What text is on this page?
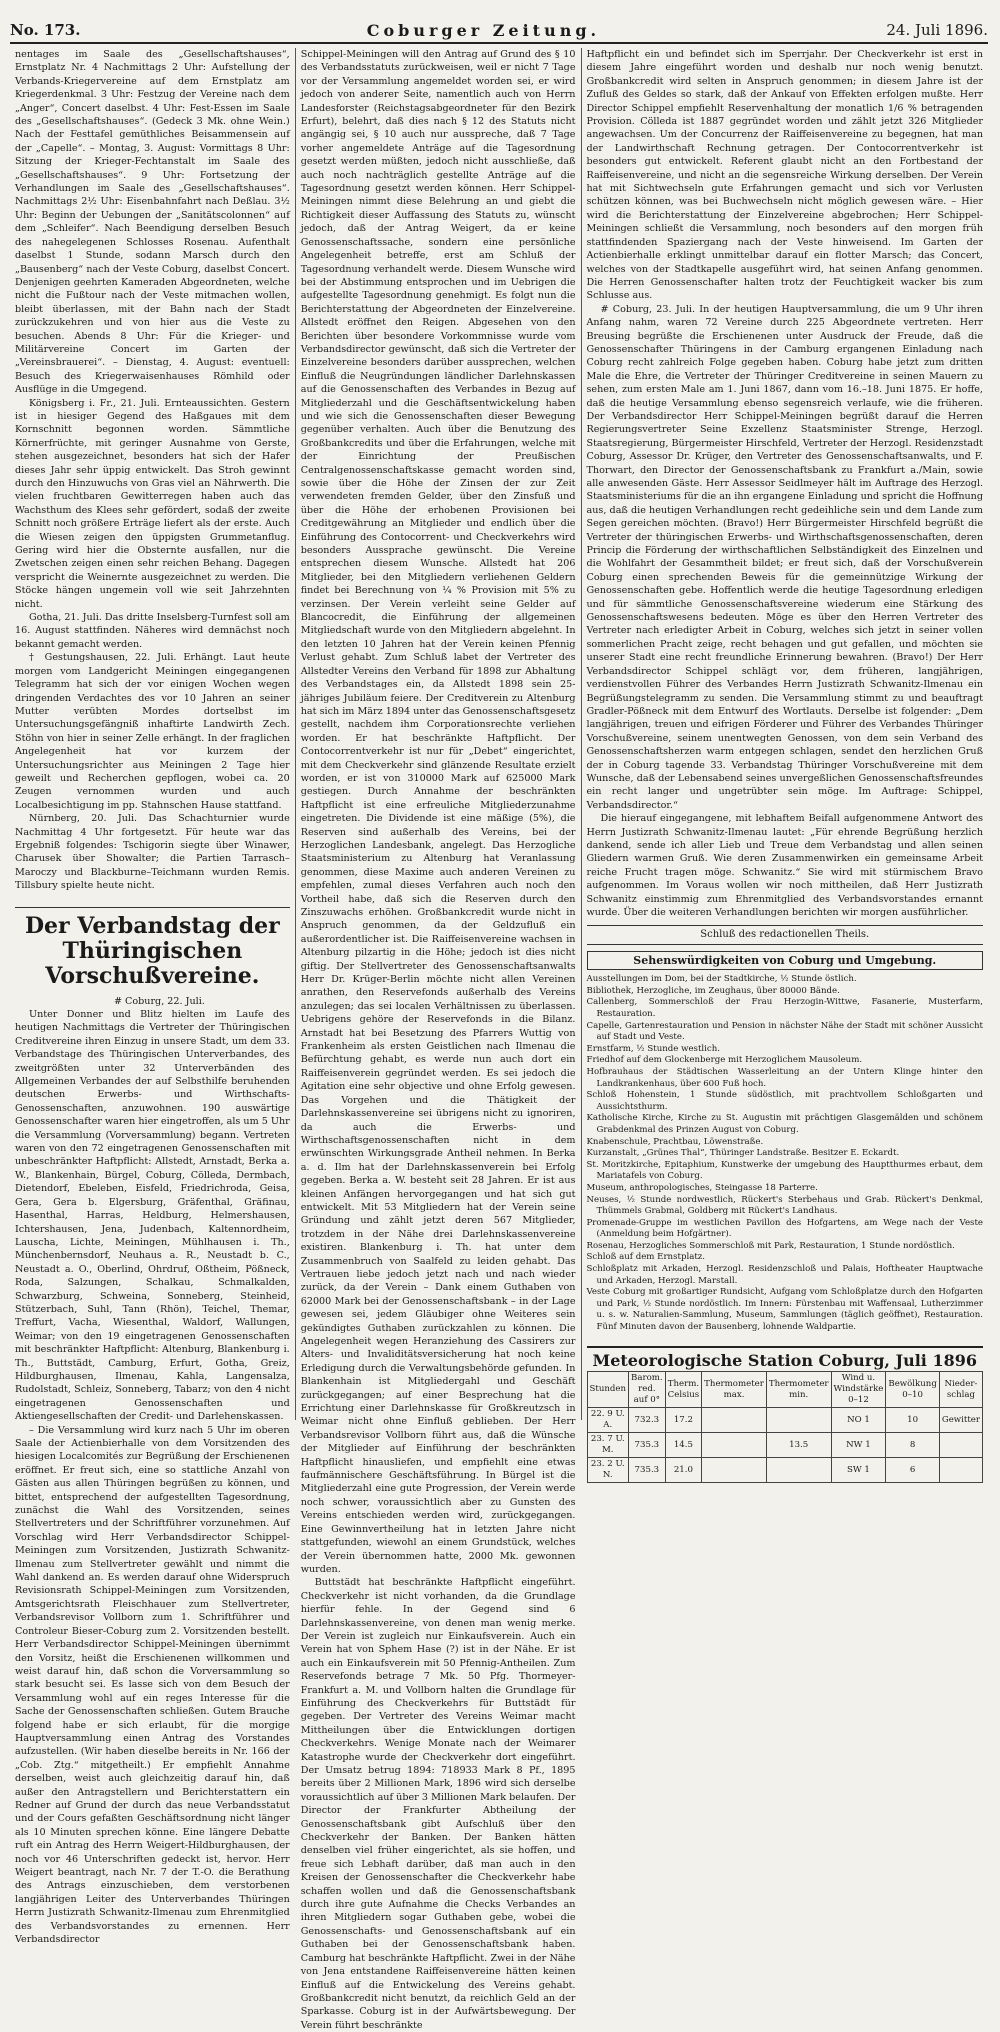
No. 173.	Coburger Zeitung.	24. Juli 1896.

nentages im Saale des „Gesellschaftshauses“, Ernstplatz Nr. 4 Nachmittags 2 Uhr: Aufstellung der Verbands-Kriegervereine auf dem Ernstplatz am Kriegerdenkmal. 3 Uhr: Festzug der Vereine nach dem „Anger“, Concert daselbst. 4 Uhr: Fest-Essen im Saale des „Gesellschaftshauses“. (Gedeck 3 Mk. ohne Wein.) Nach der Festtafel gemüthliches Beisammensein auf der „Capelle“. – Montag, 3. August: Vormittags 8 Uhr: Sitzung der Krieger-Fechtanstalt im Saale des „Gesellschaftshauses“. 9 Uhr: Fortsetzung der Verhandlungen im Saale des „Gesellschaftshauses“. Nachmittags 2½ Uhr: Eisenbahnfahrt nach Deßlau. 3½ Uhr: Beginn der Uebungen der „Sanitätscolonnen“ auf dem „Schleifer“. Nach Beendigung derselben Besuch des nahegelegenen Schlosses Rosenau. Aufenthalt daselbst 1 Stunde, sodann Marsch durch den „Bausenberg“ nach der Veste Coburg, daselbst Concert. Denjenigen geehrten Kameraden Abgeordneten, welche nicht die Fußtour nach der Veste mitmachen wollen, bleibt überlassen, mit der Bahn nach der Stadt zurückzukehren und von hier aus die Veste zu besuchen. Abends 8 Uhr: Für die Krieger- und Militärvereine Concert im Garten der „Vereinsbrauerei“. – Dienstag, 4. August: eventuell: Besuch des Kriegerwaisenhauses Römhild oder Ausflüge in die Umgegend.

Königsberg i. Fr., 21. Juli. Ernteaussichten. Gestern ist in hiesiger Gegend des Haßgaues mit dem Kornschnitt begonnen worden. Sämmtliche Körnerfrüchte, mit geringer Ausnahme von Gerste, stehen ausgezeichnet, besonders hat sich der Hafer dieses Jahr sehr üppig entwickelt. Das Stroh gewinnt durch den Hinzuwuchs von Gras viel an Nährwerth. Die vielen fruchtbaren Gewitterregen haben auch das Wachsthum des Klees sehr gefördert, sodaß der zweite Schnitt noch größere Erträge liefert als der erste. Auch die Wiesen zeigen den üppigsten Grummetanflug. Gering wird hier die Obsternte ausfallen, nur die Zwetschen zeigen einen sehr reichen Behang. Dagegen verspricht die Weinernte ausgezeichnet zu werden. Die Stöcke hängen ungemein voll wie seit Jahrzehnten nicht.

Gotha, 21. Juli. Das dritte Inselsberg-Turnfest soll am 16. August stattfinden. Näheres wird demnächst noch bekannt gemacht werden.

† Gestungshausen, 22. Juli. Erhängt. Laut heute morgen vom Landgericht Meiningen eingegangenen Telegramm hat sich der vor einigen Wochen wegen dringenden Verdachtes des vor 10 Jahren an seiner Mutter verübten Mordes dortselbst im Untersuchungsgefängniß inhaftirte Landwirth Zech. Stöhn von hier in seiner Zelle erhängt. In der fraglichen Angelegenheit hat vor kurzem der Untersuchungsrichter aus Meiningen 2 Tage hier geweilt und Recherchen gepflogen, wobei ca. 20 Zeugen vernommen wurden und auch Localbesichtigung im pp. Stahnschen Hause stattfand.

Nürnberg, 20. Juli. Das Schachturnier wurde Nachmittag 4 Uhr fortgesetzt. Für heute war das Ergebniß folgendes: Tschigorin siegte über Winawer, Charusek über Showalter; die Partien Tarrasch–Maroczy und Blackburne–Teichmann wurden Remis. Tillsbury spielte heute nicht.

Der Verbandstag der Thüringischen Vorschußvereine.

# Coburg, 22. Juli.

Unter Donner und Blitz hielten im Laufe des heutigen Nachmittags die Vertreter der Thüringischen Creditvereine ihren Einzug in unsere Stadt, um dem 33. Verbandstage des Thüringischen Unterverbandes, des zweitgrößten unter 32 Unterverbänden des Allgemeinen Verbandes der auf Selbsthilfe beruhenden deutschen Erwerbs- und Wirthschafts-Genossenschaften, anzuwohnen. 190 auswärtige Genossenschafter waren hier eingetroffen, als um 5 Uhr die Versammlung (Vorversammlung) begann. Vertreten waren von den 72 eingetragenen Genossenschaften mit unbeschränkter Haftpflicht: Allstedt, Arnstadt, Berka a. W., Blankenhain, Bürgel, Coburg, Cölleda, Dermbach, Dietendorf, Ebeleben, Eisfeld, Friedrichroda, Geisa, Gera, Gera b. Elgersburg, Gräfenthal, Gräfinau, Hasenthal, Harras, Heldburg, Helmershausen, Ichtershausen, Jena, Judenbach, Kaltennordheim, Lauscha, Lichte, Meiningen, Mühlhausen i. Th., Münchenbernsdorf, Neuhaus a. R., Neustadt b. C., Neustadt a. O., Oberlind, Ohrdruf, Oßtheim, Pößneck, Roda, Salzungen, Schalkau, Schmalkalden, Schwarzburg, Schweina, Sonneberg, Steinheid, Stützerbach, Suhl, Tann (Rhön), Teichel, Themar, Treffurt, Vacha, Wiesenthal, Waldorf, Wallungen, Weimar; von den 19 eingetragenen Genossenschaften mit beschränkter Haftpflicht: Altenburg, Blankenburg i. Th., Buttstädt, Camburg, Erfurt, Gotha, Greiz, Hildburghausen, Ilmenau, Kahla, Langensalza, Rudolstadt, Schleiz, Sonneberg, Tabarz; von den 4 nicht eingetragenen Genossenschaften und Aktiengesellschaften der Credit- und Darlehenskassen.

– Die Versammlung wird kurz nach 5 Uhr im oberen Saale der Actienbierhalle von dem Vorsitzenden des hiesigen Localcomités zur Begrüßung der Erschienenen eröffnet. Er freut sich, eine so stattliche Anzahl von Gästen aus allen Thüringen begrüßen zu können, und bittet, entsprechend der aufgestellten Tagesordnung, zunächst die Wahl des Vorsitzenden, seines Stellvertreters und der Schriftführer vorzunehmen. Auf Vorschlag wird Herr Verbandsdirector Schippel-Meiningen zum Vorsitzenden, Justizrath Schwanitz-Ilmenau zum Stellvertreter gewählt und nimmt die Wahl dankend an. Es werden darauf ohne Widerspruch Revisionsrath Schippel-Meiningen zum Vorsitzenden, Amtsgerichtsrath Fleischhauer zum Stellvertreter, Verbandsrevisor Vollborn zum 1. Schriftführer und Controleur Bieser-Coburg zum 2. Vorsitzenden bestellt. Herr Verbandsdirector Schippel-Meiningen übernimmt den Vorsitz, heißt die Erschienenen willkommen und weist darauf hin, daß schon die Vorversammlung so stark besucht sei. Es lasse sich von dem Besuch der Versammlung wohl auf ein reges Interesse für die Sache der Genossenschaften schließen. Gutem Brauche folgend habe er sich erlaubt, für die morgige Hauptversammlung einen Antrag des Vorstandes aufzustellen. (Wir haben dieselbe bereits in Nr. 166 der „Cob. Ztg.“ mitgetheilt.) Er empfiehlt Annahme derselben, weist auch gleichzeitig darauf hin, daß außer den Antragstellern und Berichterstattern ein Redner auf Grund der durch das neue Verbandsstatut und der Cours gefaßten Geschäftsordnung nicht länger als 10 Minuten sprechen könne. Eine längere Debatte ruft ein Antrag des Herrn Weigert-Hildburghausen, der noch vor 46 Unterschriften gedeckt ist, hervor. Herr Weigert beantragt, nach Nr. 7 der T.-O. die Berathung des Antrags einzuschieben, dem verstorbenen langjährigen Leiter des Unterverbandes Thüringen Herrn Justizrath Schwanitz-Ilmenau zum Ehrenmitglied des Verbandsvorstandes zu ernennen. Herr Verbandsdirector

Schippel-Meiningen will den Antrag auf Grund des § 10 des Verbandsstatuts zurückweisen, weil er nicht 7 Tage vor der Versammlung angemeldet worden sei, er wird jedoch von anderer Seite, namentlich auch von Herrn Landesforster (Reichstagsabgeordneter für den Bezirk Erfurt), belehrt, daß dies nach § 12 des Statuts nicht angängig sei, § 10 auch nur ausspreche, daß 7 Tage vorher angemeldete Anträge auf die Tagesordnung gesetzt werden müßten, jedoch nicht ausschließe, daß auch noch nachträglich gestellte Anträge auf die Tagesordnung gesetzt werden können. Herr Schippel-Meiningen nimmt diese Belehrung an und giebt die Richtigkeit dieser Auffassung des Statuts zu, wünscht jedoch, daß der Antrag Weigert, da er keine Genossenschaftssache, sondern eine persönliche Angelegenheit betreffe, erst am Schluß der Tagesordnung verhandelt werde. Diesem Wunsche wird bei der Abstimmung entsprochen und im Uebrigen die aufgestellte Tagesordnung genehmigt. Es folgt nun die Berichterstattung der Abgeordneten der Einzelvereine. Allstedt eröffnet den Reigen. Abgesehen von den Berichten über besondere Vorkommnisse wurde vom Verbandsdirector gewünscht, daß sich die Vertreter der Einzelvereine besonders darüber aussprechen, welchen Einfluß die Neugründungen ländlicher Darlehnskassen auf die Genossenschaften des Verbandes in Bezug auf Mitgliederzahl und die Geschäftsentwickelung haben und wie sich die Genossenschaften dieser Bewegung gegenüber verhalten. Auch über die Benutzung des Großbankcredits und über die Erfahrungen, welche mit der Einrichtung der Preußischen Centralgenossenschaftskasse gemacht worden sind, sowie über die Höhe der Zinsen der zur Zeit verwendeten fremden Gelder, über den Zinsfuß und über die Höhe der erhobenen Provisionen bei Creditgewährung an Mitglieder und endlich über die Einführung des Contocorrent- und Checkverkehrs wird besonders Aussprache gewünscht. Die Vereine entsprechen diesem Wunsche. Allstedt hat 206 Mitglieder, bei den Mitgliedern verliehenen Geldern findet bei Berechnung von ¼ % Provision mit 5% zu verzinsen. Der Verein verleiht seine Gelder auf Blancocredit, die Einführung der allgemeinen Mitgliedschaft wurde von den Mitgliedern abgelehnt. In den letzten 10 Jahren hat der Verein keinen Pfennig Verlust gehabt. Zum Schluß labet der Vertreter des Allstedter Vereins den Verband für 1898 zur Abhaltung des Verbandstages ein, da Allstedt 1898 sein 25-jähriges Jubiläum feiere. Der Creditverein zu Altenburg hat sich im März 1894 unter das Genossenschaftsgesetz gestellt, nachdem ihm Corporationsrechte verliehen worden. Er hat beschränkte Haftpflicht. Der Contocorrentverkehr ist nur für „Debet“ eingerichtet, mit dem Checkverkehr sind glänzende Resultate erzielt worden, er ist von 310000 Mark auf 625000 Mark gestiegen. Durch Annahme der beschränkten Haftpflicht ist eine erfreuliche Mitgliederzunahme eingetreten. Die Dividende ist eine mäßige (5%), die Reserven sind außerhalb des Vereins, bei der Herzoglichen Landesbank, angelegt. Das Herzogliche Staatsministerium zu Altenburg hat Veranlassung genommen, diese Maxime auch anderen Vereinen zu empfehlen, zumal dieses Verfahren auch noch den Vortheil habe, daß sich die Reserven durch den Zinszuwachs erhöhen. Großbankcredit wurde nicht in Anspruch genommen, da der Geldzufluß ein außerordentlicher ist. Die Raiffeisenvereine wachsen in Altenburg pilzartig in die Höhe; jedoch ist dies nicht giftig. Der Stellvertreter des Genossenschaftsanwalts Herr Dr. Krüger-Berlin möchte nicht allen Vereinen anrathen, den Reservefonds außerhalb des Vereins anzulegen; das sei localen Verhältnissen zu überlassen. Uebrigens gehöre der Reservefonds in die Bilanz. Arnstadt hat bei Besetzung des Pfarrers Wuttig von Frankenheim als ersten Geistlichen nach Ilmenau die Befürchtung gehabt, es werde nun auch dort ein Raiffeisenverein gegründet werden. Es sei jedoch die Agitation eine sehr objective und ohne Erfolg gewesen. Das Vorgehen und die Thätigkeit der Darlehnskassenvereine sei übrigens nicht zu ignoriren, da auch die Erwerbs- und Wirthschaftsgenossenschaften nicht in dem erwünschten Wirkungsgrade Antheil nehmen. In Berka a. d. Ilm hat der Darlehnskassenverein bei Erfolg gegeben. Berka a. W. besteht seit 28 Jahren. Er ist aus kleinen Anfängen hervorgegangen und hat sich gut entwickelt. Mit 53 Mitgliedern hat der Verein seine Gründung und zählt jetzt deren 567 Mitglieder, trotzdem in der Nähe drei Darlehnskassenvereine existiren. Blankenburg i. Th. hat unter dem Zusammenbruch von Saalfeld zu leiden gehabt. Das Vertrauen liebe jedoch jetzt nach und nach wieder zurück, da der Verein – Dank einem Guthaben von 62000 Mark bei der Genossenschaftsbank – in der Lage gewesen sei, jedem Gläubiger ohne Weiteres sein gekündigtes Guthaben zurückzahlen zu können. Die Angelegenheit wegen Heranziehung des Cassirers zur Alters- und Invaliditätsversicherung hat noch keine Erledigung durch die Verwaltungsbehörde gefunden. In Blankenhain ist Mitgliedergahl und Geschäft zurückgegangen; auf einer Besprechung hat die Errichtung einer Darlehnskasse für Großkreutzsch in Weimar nicht ohne Einfluß geblieben. Der Herr Verbandsrevisor Vollborn führt aus, daß die Wünsche der Mitglieder auf Einführung der beschränkten Haftpflicht hinausliefen, und empfiehlt eine etwas faufmännischere Geschäftsführung. In Bürgel ist die Mitgliederzahl eine gute Progression, der Verein werde noch schwer, voraussichtlich aber zu Gunsten des Vereins entschieden werden wird, zurückgegangen. Eine Gewinnvertheilung hat in letzten Jahre nicht stattgefunden, wiewohl an einem Grundstück, welches der Verein übernommen hatte, 2000 Mk. gewonnen wurden.

Buttstädt hat beschränkte Haftpflicht eingeführt. Checkverkehr ist nicht vorhanden, da die Grundlage hierfür fehle. In der Gegend sind 6 Darlehnskassenvereine, von denen man wenig merke. Der Verein ist zugleich nur Einkaufsverein. Auch ein Verein hat von Sphem Hase (?) ist in der Nähe. Er ist auch ein Einkaufsverein mit 50 Pfennig-Antheilen. Zum Reservefonds betrage 7 Mk. 50 Pfg. Thormeyer-Frankfurt a. M. und Vollborn halten die Grundlage für Einführung des Checkverkehrs für Buttstädt für gegeben. Der Vertreter des Vereins Weimar macht Mittheilungen über die Entwicklungen dortigen Checkverkehrs. Wenige Monate nach der Weimarer Katastrophe wurde der Checkverkehr dort eingeführt. Der Umsatz betrug 1894: 718933 Mark 8 Pf., 1895 bereits über 2 Millionen Mark, 1896 wird sich derselbe voraussichtlich auf über 3 Millionen Mark belaufen. Der Director der Frankfurter Abtheilung der Genossenschaftsbank gibt Aufschluß über den Checkverkehr der Banken. Der Banken hätten denselben viel früher eingerichtet, als sie hoffen, und freue sich Lebhaft darüber, daß man auch in den Kreisen der Genossenschafter die Checkverkehr habe schaffen wollen und daß die Genossenschaftsbank durch ihre gute Aufnahme die Checks Verbandes an ihren Mitgliedern sogar Guthaben gebe, wobei die Genossenschafts- und Genossenschaftsbank auf ein Guthaben bei der Genossenschaftsbank haben. Camburg hat beschränkte Haftpflicht. Zwei in der Nähe von Jena entstandene Raiffeisenvereine hätten keinen Einfluß auf die Entwickelung des Vereins gehabt. Großbankcredit nicht benutzt, da reichlich Geld an der Sparkasse. Coburg ist in der Aufwärtsbewegung. Der Verein führt beschränkte

Haftpflicht ein und befindet sich im Sperrjahr. Der Checkverkehr ist erst in diesem Jahre eingeführt worden und deshalb nur noch wenig benutzt. Großbankcredit wird selten in Anspruch genommen; in diesem Jahre ist der Zufluß des Geldes so stark, daß der Ankauf von Effekten erfolgen mußte. Herr Director Schippel empfiehlt Reservenhaltung der monatlich 1/6 % betragenden Provision. Cölleda ist 1887 gegründet worden und zählt jetzt 326 Mitglieder angewachsen. Um der Concurrenz der Raiffeisenvereine zu begegnen, hat man der Landwirthschaft Rechnung getragen. Der Contocorrentverkehr ist besonders gut entwickelt. Referent glaubt nicht an den Fortbestand der Raiffeisenvereine, und nicht an die segensreiche Wirkung derselben. Der Verein hat mit Sichtwechseln gute Erfahrungen gemacht und sich vor Verlusten schützen können, was bei Buchwechseln nicht möglich gewesen wäre. – Hier wird die Berichterstattung der Einzelvereine abgebrochen; Herr Schippel-Meiningen schließt die Versammlung, noch besonders auf den morgen früh stattfindenden Spaziergang nach der Veste hinweisend. Im Garten der Actienbierhalle erklingt unmittelbar darauf ein flotter Marsch; das Concert, welches von der Stadtkapelle ausgeführt wird, hat seinen Anfang genommen. Die Herren Genossenschafter halten trotz der Feuchtigkeit wacker bis zum Schlusse aus.

# Coburg, 23. Juli. In der heutigen Hauptversammlung, die um 9 Uhr ihren Anfang nahm, waren 72 Vereine durch 225 Abgeordnete vertreten. Herr Breusing begrüßte die Erschienenen unter Ausdruck der Freude, daß die Genossenschafter Thüringens in der Camburg ergangenen Einladung nach Coburg recht zahlreich Folge gegeben haben. Coburg habe jetzt zum dritten Male die Ehre, die Vertreter der Thüringer Creditvereine in seinen Mauern zu sehen, zum ersten Male am 1. Juni 1867, dann vom 16.–18. Juni 1875. Er hoffe, daß die heutige Versammlung ebenso segensreich verlaufe, wie die früheren. Der Verbandsdirector Herr Schippel-Meiningen begrüßt darauf die Herren Regierungsvertreter Seine Exzellenz Staatsminister Strenge, Herzogl. Staatsregierung, Bürgermeister Hirschfeld, Vertreter der Herzogl. Residenzstadt Coburg, Assessor Dr. Krüger, den Vertreter des Genossenschaftsanwalts, und F. Thorwart, den Director der Genossenschaftsbank zu Frankfurt a./Main, sowie alle anwesenden Gäste. Herr Assessor Seidlmeyer hält im Auftrage des Herzogl. Staatsministeriums für die an ihn ergangene Einladung und spricht die Hoffnung aus, daß die heutigen Verhandlungen recht gedeihliche sein und dem Lande zum Segen gereichen möchten. (Bravo!) Herr Bürgermeister Hirschfeld begrüßt die Vertreter der thüringischen Erwerbs- und Wirthschaftsgenossenschaften, deren Princip die Förderung der wirthschaftlichen Selbständigkeit des Einzelnen und die Wohlfahrt der Gesammtheit bildet; er freut sich, daß der Vorschußverein Coburg einen sprechenden Beweis für die gemeinnützige Wirkung der Genossenschaften gebe. Hoffentlich werde die heutige Tagesordnung erledigen und für sämmtliche Genossenschaftsvereine wiederum eine Stärkung des Genossenschaftswesens bedeuten. Möge es über den Herren Vertreter des Vertreter nach erledigter Arbeit in Coburg, welches sich jetzt in seiner vollen sommerlichen Pracht zeige, recht behagen und gut gefallen, und möchten sie unserer Stadt eine recht freundliche Erinnerung bewahren. (Bravo!) Der Herr Verbandsdirector Schippel schlägt vor, dem früheren, langjährigen, verdienstvollen Führer des Verbandes Herrn Justizrath Schwanitz-Ilmenau ein Begrüßungstelegramm zu senden. Die Versammlung stimmt zu und beauftragt Gradler-Pößneck mit dem Entwurf des Wortlauts. Derselbe ist folgender: „Dem langjährigen, treuen und eifrigen Förderer und Führer des Verbandes Thüringer Vorschußvereine, seinem unentwegten Genossen, von dem sein Verband des Genossenschaftsherzen warm entgegen schlagen, sendet den herzlichen Gruß der in Coburg tagende 33. Verbandstag Thüringer Vorschußvereine mit dem Wunsche, daß der Lebensabend seines unvergeßlichen Genossenschaftsfreundes ein recht langer und ungetrübter sein möge. Im Auftrage: Schippel, Verbandsdirector.“

Die hierauf eingegangene, mit lebhaftem Beifall aufgenommene Antwort des Herrn Justizrath Schwanitz-Ilmenau lautet: „Für ehrende Begrüßung herzlich dankend, sende ich aller Lieb und Treue dem Verbandstag und allen seinen Gliedern warmen Gruß. Wie deren Zusammenwirken ein gemeinsame Arbeit reiche Frucht tragen möge. Schwanitz.“ Sie wird mit stürmischem Bravo aufgenommen. Im Voraus wollen wir noch mittheilen, daß Herr Justizrath Schwanitz einstimmig zum Ehrenmitglied des Verbandsvorstandes ernannt wurde. Über die weiteren Verhandlungen berichten wir morgen ausführlicher.

Schluß des redactionellen Theils.
Sehenswürdigkeiten von Coburg und Umgebung.

Ausstellungen im Dom, bei der Stadtkirche, ½ Stunde östlich.

Bibliothek, Herzogliche, im Zeughaus, über 80000 Bände.

Callenberg, Sommerschloß der Frau Herzogin-Wittwe, Fasanerie, Musterfarm, Restauration.

Capelle, Gartenrestauration und Pension in nächster Nähe der Stadt mit schöner Aussicht auf Stadt und Veste.

Ernstfarm, ½ Stunde westlich.

Friedhof auf dem Glockenberge mit Herzoglichem Mausoleum.

Hofbrauhaus der Städtischen Wasserleitung an der Untern Klinge hinter den Landkrankenhaus, über 600 Fuß hoch.

Schloß Hohenstein, 1 Stunde südöstlich, mit prachtvollem Schloßgarten und Aussichtsthurm.

Katholische Kirche, Kirche zu St. Augustin mit prächtigen Glasgemälden und schönem Grabdenkmal des Prinzen August von Coburg.

Knabenschule, Prachtbau, Löwenstraße.

Kurzanstalt, „Grünes Thal“, Thüringer Landstraße. Besitzer E. Eckardt.

St. Moritzkirche, Epitaphium, Kunstwerke der umgebung des Hauptthurmes erbaut, dem Mariatafels von Coburg.

Museum, anthropologisches, Steingasse 18 Parterre.

Neuses, ½ Stunde nordwestlich, Rückert's Sterbehaus und Grab. Rückert's Denkmal, Thümmels Grabmal, Goldberg mit Rückert's Landhaus.

Promenade-Gruppe im westlichen Pavillon des Hofgartens, am Wege nach der Veste (Anmeldung beim Hofgärtner).

Rosenau, Herzogliches Sommerschloß mit Park, Restauration, 1 Stunde nordöstlich.

Schloß auf dem Ernstplatz.

Schloßplatz mit Arkaden, Herzogl. Residenzschloß und Palais, Hoftheater Hauptwache und Arkaden, Herzogl. Marstall.

Veste Coburg mit großartiger Rundsicht, Aufgang vom Schloßplatze durch den Hofgarten und Park, ½ Stunde nordöstlich. Im Innern: Fürstenbau mit Waffensaal, Lutherzimmer u. s. w. Naturalien-Sammlung, Museum, Sammlungen (täglich geöffnet), Restauration. Fünf Minuten davon der Bausenberg, lohnende Waldpartie.

Meteorologische Station Coburg, Juli 1896
Stunden	Barom. red. auf 0°	Therm. Celsius	Thermometer max.	Thermometer min.	Wind u. Windstärke 0–12	Bewölkung 0–10	Nieder-schlag
22. 9 U. A.	732.3	17.2			NO 1	10	Gewitter
23. 7 U. M.	735.3	14.5		13.5	NW 1	8	
23. 2 U. N.	735.3	21.0			SW 1	6	
